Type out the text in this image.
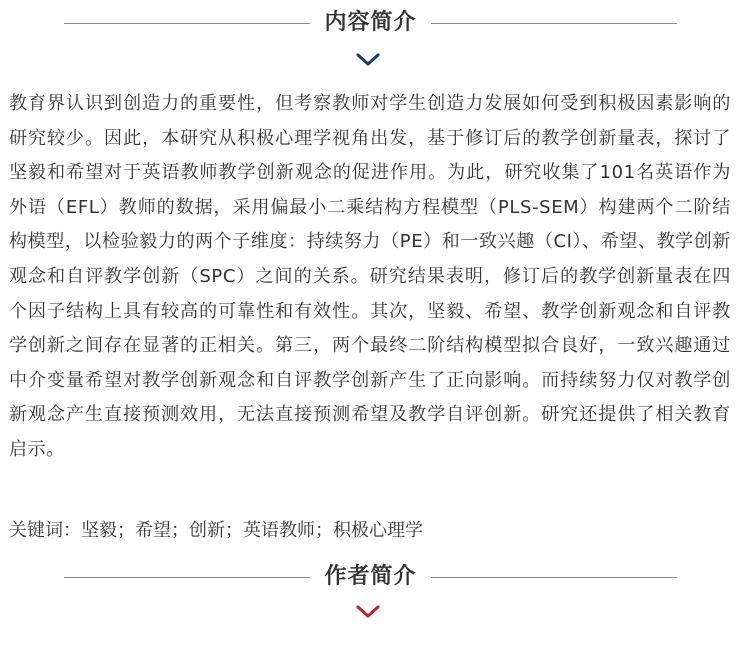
内容简介

教育界认识到创造力的重要性，但考察教师对学生创造力发展如何受到积极因素影响的研究较少。因此，本研究从积极心理学视角出发，基于修订后的教学创新量表，探讨了坚毅和希望对于英语教师教学创新观念的促进作用。为此，研究收集了101名英语作为外语（EFL）教师的数据，采用偏最小二乘结构方程模型（PLS-SEM）构建两个二阶结构模型，以检验毅力的两个子维度：持续努力（PE）和一致兴趣（CI）、希望、教学创新观念和自评教学创新（SPC）之间的关系。研究结果表明，修订后的教学创新量表在四个因子结构上具有较高的可靠性和有效性。其次，坚毅、希望、教学创新观念和自评教学创新之间存在显著的正相关。第三，两个最终二阶结构模型拟合良好，一致兴趣通过中介变量希望对教学创新观念和自评教学创新产生了正向影响。而持续努力仅对教学创新观念产生直接预测效用，无法直接预测希望及教学自评创新。研究还提供了相关教育启示。

关键词：坚毅；希望；创新；英语教师；积极心理学

作者简介
